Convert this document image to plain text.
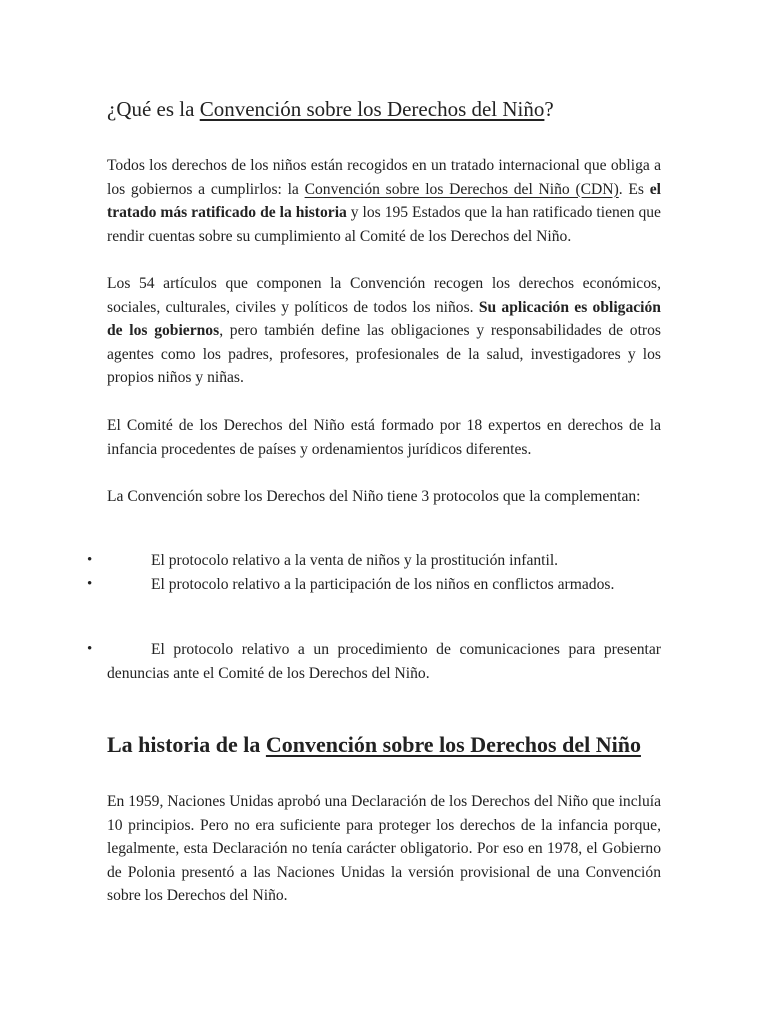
¿Qué es la Convención sobre los Derechos del Niño?

Todos los derechos de los niños están recogidos en un tratado internacional que obliga a los gobiernos a cumplirlos: la Convención sobre los Derechos del Niño (CDN). Es el tratado más ratificado de la historia y los 195 Estados que la han ratificado tienen que rendir cuentas sobre su cumplimiento al Comité de los Derechos del Niño.

Los 54 artículos que componen la Convención recogen los derechos económicos, sociales, culturales, civiles y políticos de todos los niños. Su aplicación es obligación de los gobiernos, pero también define las obligaciones y responsabilidades de otros agentes como los padres, profesores, profesionales de la salud, investigadores y los propios niños y niñas.

El Comité de los Derechos del Niño está formado por 18 expertos en derechos de la infancia procedentes de países y ordenamientos jurídicos diferentes.

La Convención sobre los Derechos del Niño tiene 3 protocolos que la complementan:

•	El protocolo relativo a la venta de niños y la prostitución infantil.

•	El protocolo relativo a la participación de los niños en conflictos armados.

•	El protocolo relativo a un procedimiento de comunicaciones para presentar denuncias ante el Comité de los Derechos del Niño.

La historia de la Convención sobre los Derechos del Niño

En 1959, Naciones Unidas aprobó una Declaración de los Derechos del Niño que incluía 10 principios. Pero no era suficiente para proteger los derechos de la infancia porque, legalmente, esta Declaración no tenía carácter obligatorio. Por eso en 1978, el Gobierno de Polonia presentó a las Naciones Unidas la versión provisional de una Convención sobre los Derechos del Niño.
